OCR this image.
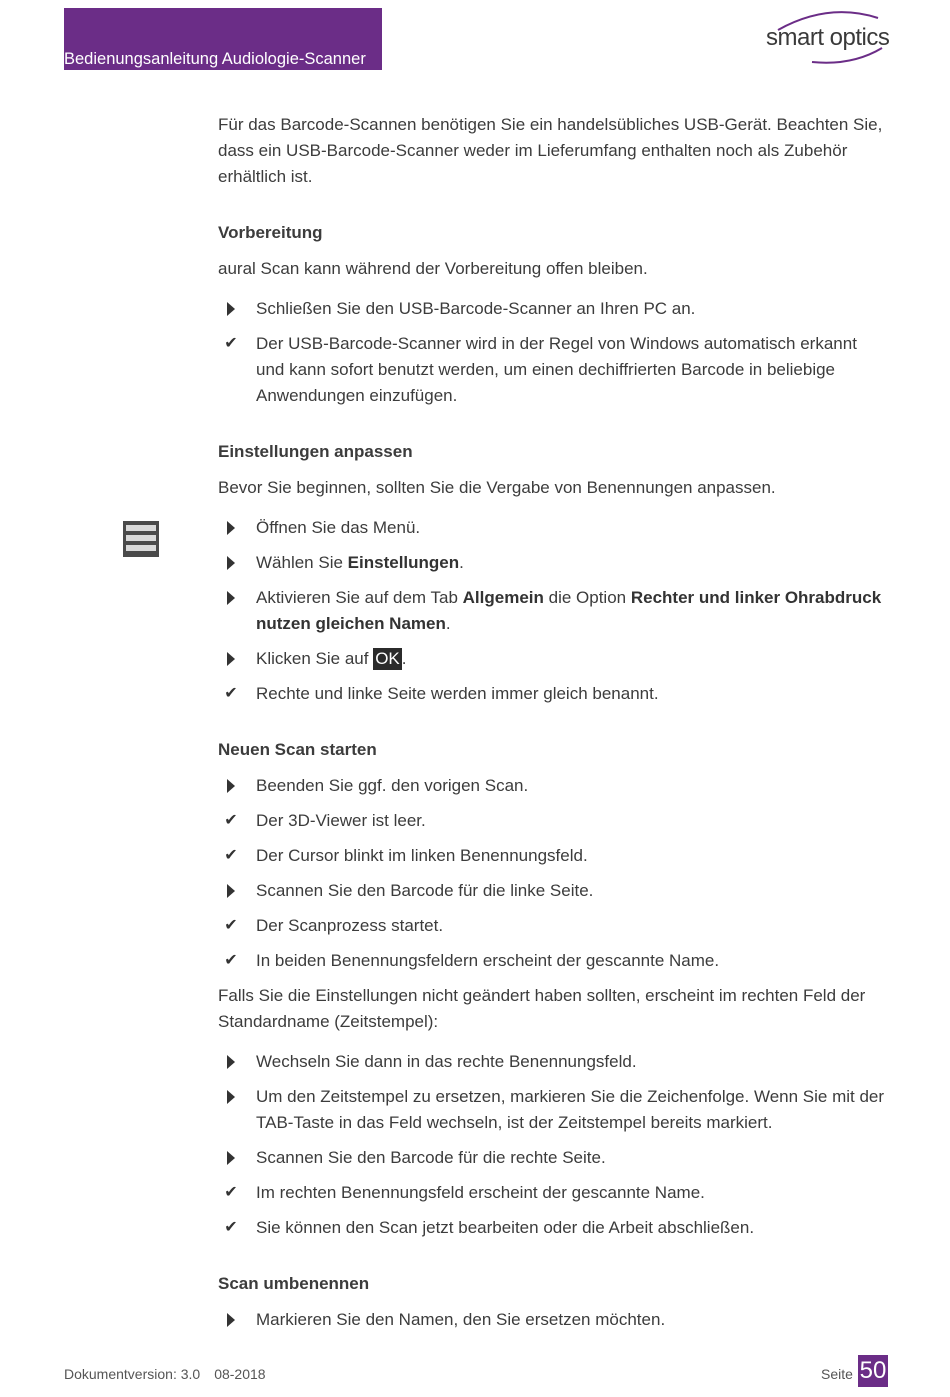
Bedienungsanleitung Audiologie-Scanner
smart optics

Für das Barcode-Scannen benötigen Sie ein handelsübliches USB-Gerät. Beachten Sie, dass ein USB-Barcode-Scanner weder im Lieferumfang enthalten noch als Zubehör erhältlich ist.

Vorbereitung

aural Scan kann während der Vorbereitung offen bleiben.

Schließen Sie den USB-Barcode-Scanner an Ihren PC an.
✔ Der USB-Barcode-Scanner wird in der Regel von Windows automatisch erkannt und kann sofort benutzt werden, um einen dechiffrierten Barcode in beliebige Anwendungen einzufügen.

Einstellungen anpassen

Bevor Sie beginnen, sollten Sie die Vergabe von Benennungen anpassen.

Öffnen Sie das Menü.
Wählen Sie Einstellungen.
Aktivieren Sie auf dem Tab Allgemein die Option Rechter und linker Ohrabdruck nutzen gleichen Namen.
Klicken Sie auf OK .
✔ Rechte und linke Seite werden immer gleich benannt.

Neuen Scan starten

Beenden Sie ggf. den vorigen Scan.
✔ Der 3D-Viewer ist leer.
✔ Der Cursor blinkt im linken Benennungsfeld.
Scannen Sie den Barcode für die linke Seite.
✔ Der Scanprozess startet.
✔ In beiden Benennungsfeldern erscheint der gescannte Name.

Falls Sie die Einstellungen nicht geändert haben sollten, erscheint im rechten Feld der Standardname (Zeitstempel):

Wechseln Sie dann in das rechte Benennungsfeld.
Um den Zeitstempel zu ersetzen, markieren Sie die Zeichenfolge. Wenn Sie mit der TAB-Taste in das Feld wechseln, ist der Zeitstempel bereits markiert.
Scannen Sie den Barcode für die rechte Seite.
✔ Im rechten Benennungsfeld erscheint der gescannte Name.
✔ Sie können den Scan jetzt bearbeiten oder die Arbeit abschließen.

Scan umbenennen

Markieren Sie den Namen, den Sie ersetzen möchten.
Dokumentversion: 3.0 08-2018	Seite 50
